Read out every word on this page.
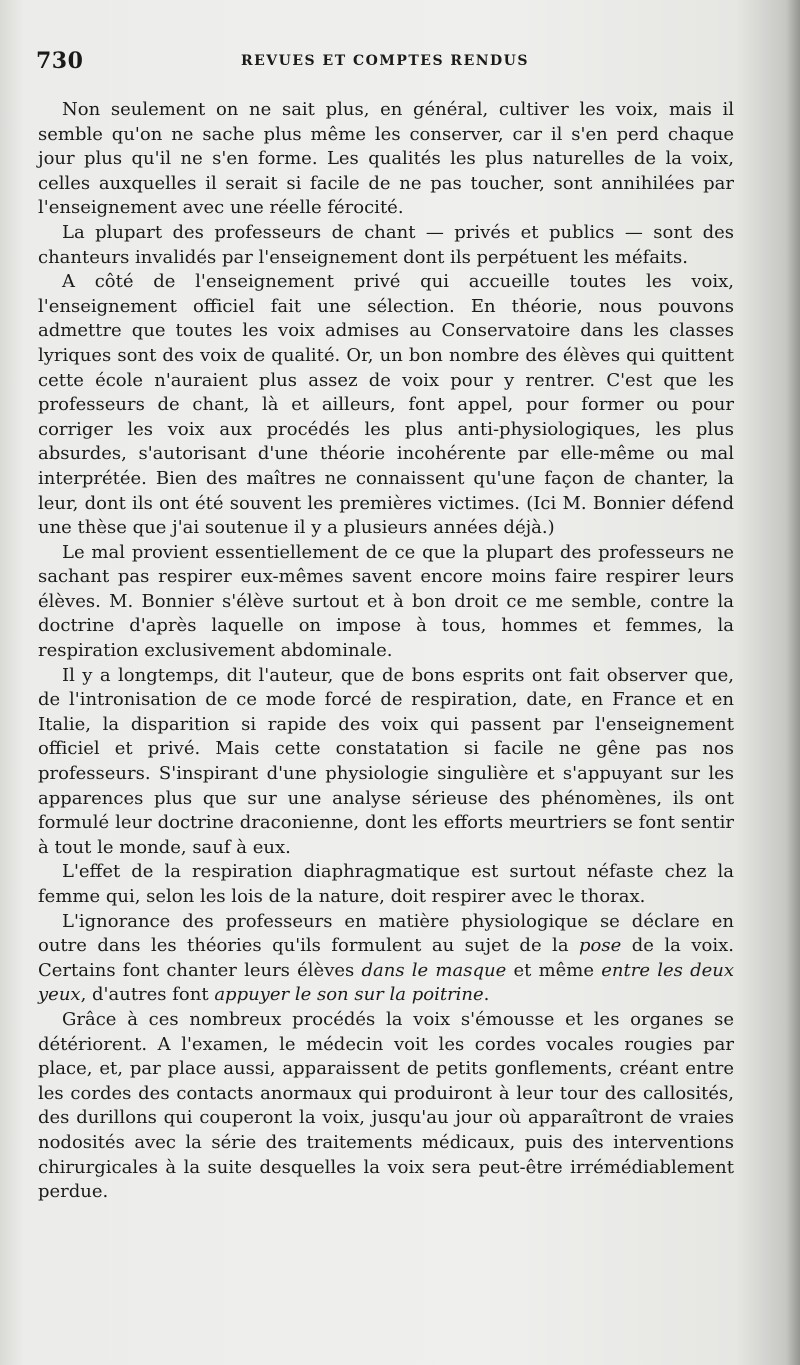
730	REVUES ET COMPTES RENDUS

Non seulement on ne sait plus, en général, cultiver les voix, mais il semble qu'on ne sache plus même les conserver, car il s'en perd chaque jour plus qu'il ne s'en forme. Les qualités les plus naturelles de la voix, celles auxquelles il serait si facile de ne pas toucher, sont annihilées par l'enseignement avec une réelle férocité.

La plupart des professeurs de chant — privés et publics — sont des chanteurs invalidés par l'enseignement dont ils perpétuent les méfaits.

A côté de l'enseignement privé qui accueille toutes les voix, l'enseignement officiel fait une sélection. En théorie, nous pouvons admettre que toutes les voix admises au Conservatoire dans les classes lyriques sont des voix de qualité. Or, un bon nombre des élèves qui quittent cette école n'auraient plus assez de voix pour y rentrer. C'est que les professeurs de chant, là et ailleurs, font appel, pour former ou pour corriger les voix aux procédés les plus anti-physiologiques, les plus absurdes, s'autorisant d'une théorie incohérente par elle-même ou mal interprétée. Bien des maîtres ne connaissent qu'une façon de chanter, la leur, dont ils ont été souvent les premières victimes. (Ici M. Bonnier défend une thèse que j'ai soutenue il y a plusieurs années déjà.)

Le mal provient essentiellement de ce que la plupart des professeurs ne sachant pas respirer eux-mêmes savent encore moins faire respirer leurs élèves. M. Bonnier s'élève surtout et à bon droit ce me semble, contre la doctrine d'après laquelle on impose à tous, hommes et femmes, la respiration exclusivement abdominale.

Il y a longtemps, dit l'auteur, que de bons esprits ont fait observer que, de l'intronisation de ce mode forcé de respiration, date, en France et en Italie, la disparition si rapide des voix qui passent par l'enseignement officiel et privé. Mais cette constatation si facile ne gêne pas nos professeurs. S'inspirant d'une physiologie singulière et s'appuyant sur les apparences plus que sur une analyse sérieuse des phénomènes, ils ont formulé leur doctrine draconienne, dont les efforts meurtriers se font sentir à tout le monde, sauf à eux.

L'effet de la respiration diaphragmatique est surtout néfaste chez la femme qui, selon les lois de la nature, doit respirer avec le thorax.

L'ignorance des professeurs en matière physiologique se déclare en outre dans les théories qu'ils formulent au sujet de la pose de la voix. Certains font chanter leurs élèves dans le masque et même entre les deux yeux, d'autres font appuyer le son sur la poitrine.

Grâce à ces nombreux procédés la voix s'émousse et les organes se détériorent. A l'examen, le médecin voit les cordes vocales rougies par place, et, par place aussi, apparaissent de petits gonflements, créant entre les cordes des contacts anormaux qui produiront à leur tour des callosités, des durillons qui couperont la voix, jusqu'au jour où apparaîtront de vraies nodosités avec la série des traitements médicaux, puis des interventions chirurgicales à la suite desquelles la voix sera peut-être irrémédiablement perdue.
